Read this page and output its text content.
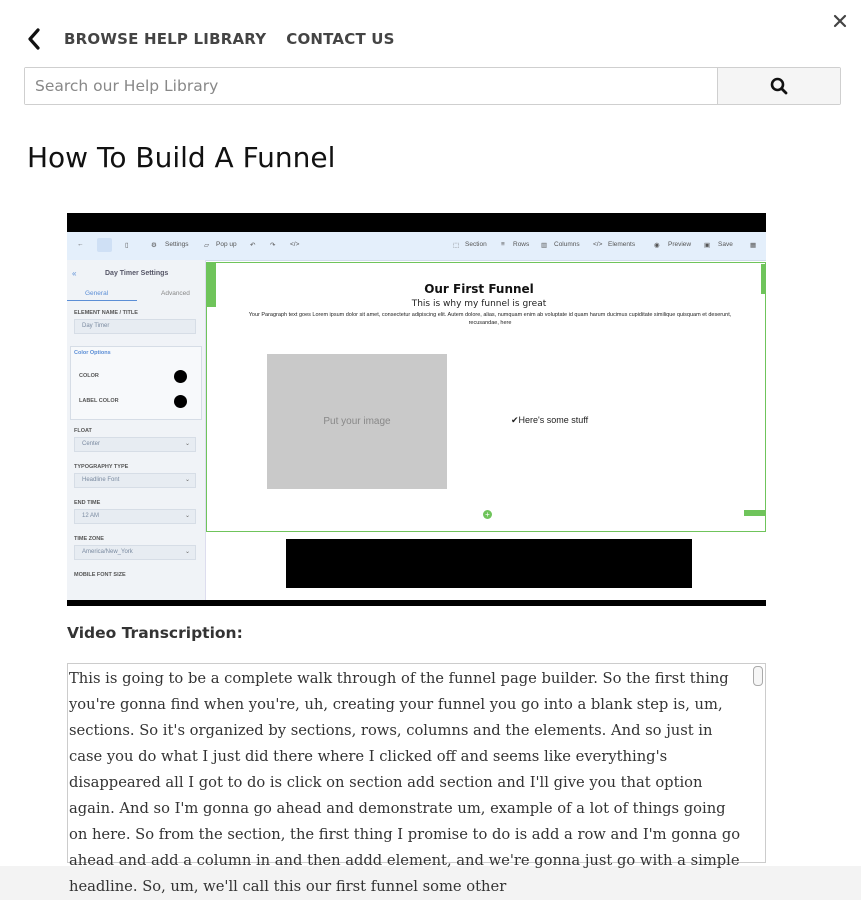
BROWSE HELP LIBRARY CONTACT US
Search our Help Library
How To Build A Funnel
←	▯	⚙ Settings ▱ Pop up ↶ ↷ </>	⬚ Section ≡ Rows ▥ Columns </> Elements	◉ Preview ▣ Save	▦
«	Day Timer Settings
General	Advanced
ELEMENT NAME / TITLE
Day Timer
Color Options
COLOR
LABEL COLOR
FLOAT
Center	⌄
TYPOGRAPHY TYPE
Headline Font	⌄
END TIME
12 AM	⌄
TIME ZONE
America/New_York	⌄
MOBILE FONT SIZE
Our First Funnel
This is why my funnel is great
Your Paragraph text goes Lorem ipsum dolor sit amet, consectetur adipiscing elit. Autem dolore, alias, numquam enim ab voluptate id quam harum ducimus cupiditate similique quisquam et deserunt, recusandae, here
Put your image	✔Here's some stuff
+
Video Transcription:
This is going to be a complete walk through of the funnel page builder. So the first thing you're gonna find when you're, uh, creating your funnel you go into a blank step is, um, sections. So it's organized by sections, rows, columns and the elements. And so just in case you do what I just did there where I clicked off and seems like everything's disappeared all I got to do is click on section add section and I'll give you that option again. And so I'm gonna go ahead and demonstrate um, example of a lot of things going on here. So from the section, the first thing I promise to do is add a row and I'm gonna go ahead and add a column in and then addd element, and we're gonna just go with a simple headline. So, um, we'll call this our first funnel some other
